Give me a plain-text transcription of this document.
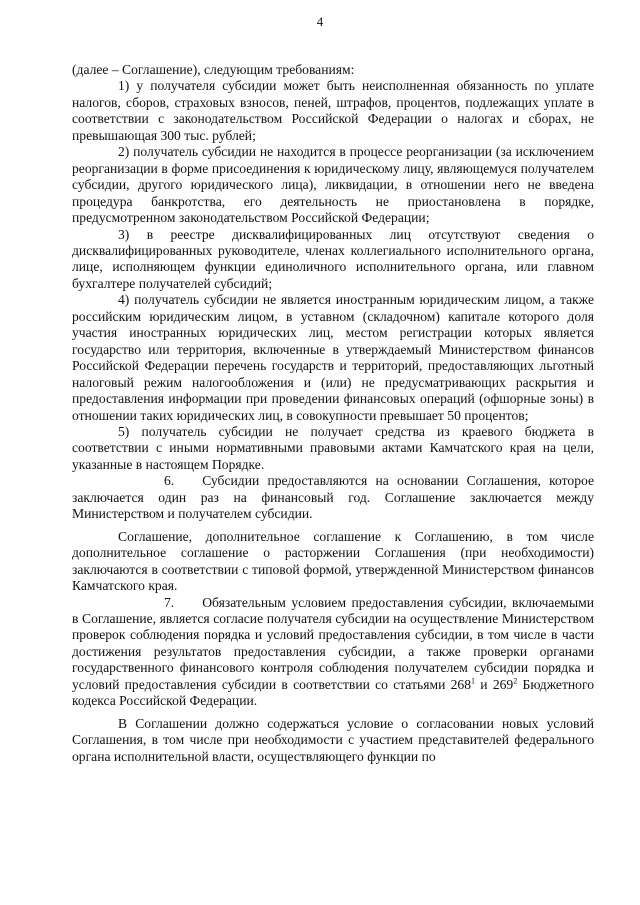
4

(далее – Соглашение), следующим требованиям:

1) у получателя субсидии может быть неисполненная обязанность по уплате налогов, сборов, страховых взносов, пеней, штрафов, процентов, подлежащих уплате в соответствии с законодательством Российской Федерации о налогах и сборах, не превышающая 300 тыс. рублей;

2) получатель субсидии не находится в процессе реорганизации (за исключением реорганизации в форме присоединения к юридическому лицу, являющемуся получателем субсидии, другого юридического лица), ликвидации, в отношении него не введена процедура банкротства, его деятельность не приостановлена в порядке, предусмотренном законодательством Российской Федерации;

3) в реестре дисквалифицированных лиц отсутствуют сведения о дисквалифицированных руководителе, членах коллегиального исполнительного органа, лице, исполняющем функции единоличного исполнительного органа, или главном бухгалтере получателей субсидий;

4) получатель субсидии не является иностранным юридическим лицом, а также российским юридическим лицом, в уставном (складочном) капитале которого доля участия иностранных юридических лиц, местом регистрации которых является государство или территория, включенные в утверждаемый Министерством финансов Российской Федерации перечень государств и территорий, предоставляющих льготный налоговый режим налогообложения и (или) не предусматривающих раскрытия и предоставления информации при проведении финансовых операций (офшорные зоны) в отношении таких юридических лиц, в совокупности превышает 50 процентов;

5) получатель субсидии не получает средства из краевого бюджета в соответствии с иными нормативными правовыми актами Камчатского края на цели, указанные в настоящем Порядке.

6. Субсидии предоставляются на основании Соглашения, которое заключается один раз на финансовый год. Соглашение заключается между Министерством и получателем субсидии.

Соглашение, дополнительное соглашение к Соглашению, в том числе дополнительное соглашение о расторжении Соглашения (при необходимости) заключаются в соответствии с типовой формой, утвержденной Министерством финансов Камчатского края.

7. Обязательным условием предоставления субсидии, включаемыми в Соглашение, является согласие получателя субсидии на осуществление Министерством проверок соблюдения порядка и условий предоставления субсидии, в том числе в части достижения результатов предоставления субсидии, а также проверки органами государственного финансового контроля соблюдения получателем субсидии порядка и условий предоставления субсидии в соответствии со статьями $268^1$ и $269^2$ Бюджетного кодекса Российской Федерации.

В Соглашении должно содержаться условие о согласовании новых условий Соглашения, в том числе при необходимости с участием представителей федерального органа исполнительной власти, осуществляющего функции по
